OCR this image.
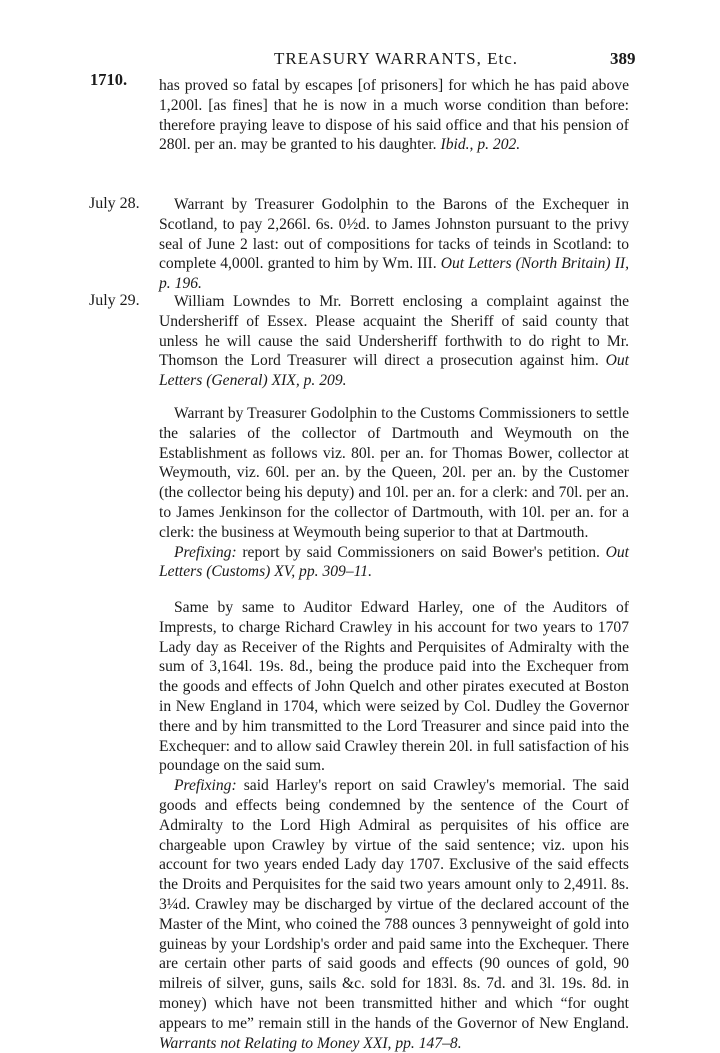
1710.
TREASURY WARRANTS, Etc.	389

has proved so fatal by escapes [of prisoners] for which he has paid above 1,200l. [as fines] that he is now in a much worse condition than before: therefore praying leave to dispose of his said office and that his pension of 280l. per an. may be granted to his daughter. Ibid., p. 202.

July 28.	Warrant by Treasurer Godolphin to the Barons of the Exchequer in Scotland, to pay 2,266l. 6s. 0½d. to James Johnston pursuant to the privy seal of June 2 last: out of compositions for tacks of teinds in Scotland: to complete 4,000l. granted to him by Wm. III. Out Letters (North Britain) II, p. 196.

July 29.	William Lowndes to Mr. Borrett enclosing a complaint against the Undersheriff of Essex. Please acquaint the Sheriff of said county that unless he will cause the said Undersheriff forthwith to do right to Mr. Thomson the Lord Treasurer will direct a prosecution against him. Out Letters (General) XIX, p. 209.

Warrant by Treasurer Godolphin to the Customs Commissioners to settle the salaries of the collector of Dartmouth and Weymouth on the Establishment as follows viz. 80l. per an. for Thomas Bower, collector at Weymouth, viz. 60l. per an. by the Queen, 20l. per an. by the Customer (the collector being his deputy) and 10l. per an. for a clerk: and 70l. per an. to James Jenkinson for the collector of Dartmouth, with 10l. per an. for a clerk: the business at Weymouth being superior to that at Dartmouth.

Prefixing: report by said Commissioners on said Bower's petition. Out Letters (Customs) XV, pp. 309–11.

Same by same to Auditor Edward Harley, one of the Auditors of Imprests, to charge Richard Crawley in his account for two years to 1707 Lady day as Receiver of the Rights and Perquisites of Admiralty with the sum of 3,164l. 19s. 8d., being the produce paid into the Exchequer from the goods and effects of John Quelch and other pirates executed at Boston in New England in 1704, which were seized by Col. Dudley the Governor there and by him transmitted to the Lord Treasurer and since paid into the Exchequer: and to allow said Crawley therein 20l. in full satisfaction of his poundage on the said sum.

Prefixing: said Harley's report on said Crawley's memorial. The said goods and effects being condemned by the sentence of the Court of Admiralty to the Lord High Admiral as perquisites of his office are chargeable upon Crawley by virtue of the said sentence; viz. upon his account for two years ended Lady day 1707. Exclusive of the said effects the Droits and Perquisites for the said two years amount only to 2,491l. 8s. 3¼d. Crawley may be discharged by virtue of the declared account of the Master of the Mint, who coined the 788 ounces 3 pennyweight of gold into guineas by your Lordship's order and paid same into the Exchequer. There are certain other parts of said goods and effects (90 ounces of gold, 90 milreis of silver, guns, sails &c. sold for 183l. 8s. 7d. and 3l. 19s. 8d. in money) which have not been transmitted hither and which “for ought appears to me” remain still in the hands of the Governor of New England. Warrants not Relating to Money XXI, pp. 147–8.
